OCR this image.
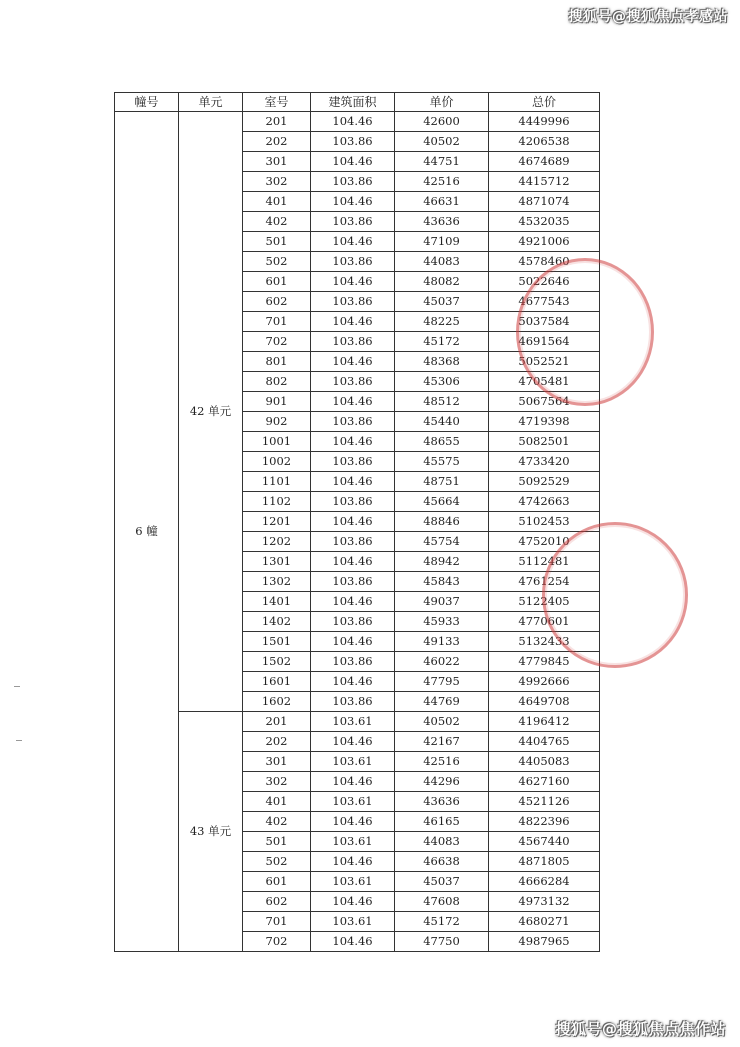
搜狐号@搜狐焦点孝感站
幢号	单元	室号	建筑面积	单价	总价
6 幢	42 单元	201	104.46	42600	4449996
		202	103.86	40502	4206538
		301	104.46	44751	4674689
		302	103.86	42516	4415712
		401	104.46	46631	4871074
		402	103.86	43636	4532035
		501	104.46	47109	4921006
		502	103.86	44083	4578460
		601	104.46	48082	5022646
		602	103.86	45037	4677543
		701	104.46	48225	5037584
		702	103.86	45172	4691564
		801	104.46	48368	5052521
		802	103.86	45306	4705481
		901	104.46	48512	5067564
		902	103.86	45440	4719398
		1001	104.46	48655	5082501
		1002	103.86	45575	4733420
		1101	104.46	48751	5092529
		1102	103.86	45664	4742663
		1201	104.46	48846	5102453
		1202	103.86	45754	4752010
		1301	104.46	48942	5112481
		1302	103.86	45843	4761254
		1401	104.46	49037	5122405
		1402	103.86	45933	4770601
		1501	104.46	49133	5132433
		1502	103.86	46022	4779845
		1601	104.46	47795	4992666
		1602	103.86	44769	4649708
	43 单元	201	103.61	40502	4196412
		202	104.46	42167	4404765
		301	103.61	42516	4405083
		302	104.46	44296	4627160
		401	103.61	43636	4521126
		402	104.46	46165	4822396
		501	103.61	44083	4567440
		502	104.46	46638	4871805
		601	103.61	45037	4666284
		602	104.46	47608	4973132
		701	103.61	45172	4680271
		702	104.46	47750	4987965
搜狐号@搜狐焦点焦作站
